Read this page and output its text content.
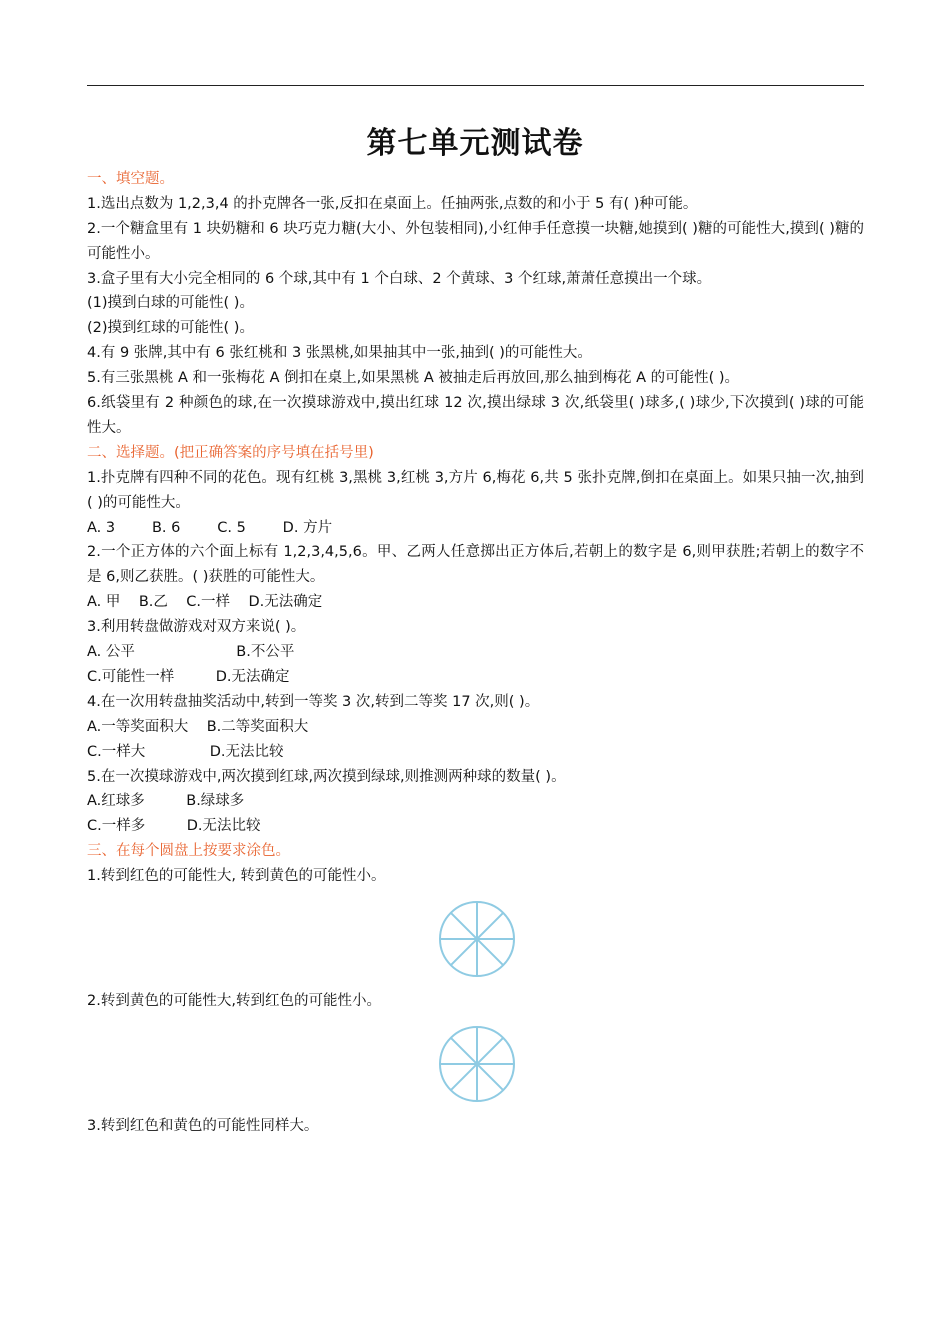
第七单元测试卷
一、填空题。
1.选出点数为 1,2,3,4 的扑克牌各一张,反扣在桌面上。任抽两张,点数的和小于 5 有( )种可能。
2.一个糖盒里有 1 块奶糖和 6 块巧克力糖(大小、外包装相同),小红伸手任意摸一块糖,她摸到( )糖的可能性大,摸到( )糖的可能性小。
3.盒子里有大小完全相同的 6 个球,其中有 1 个白球、2 个黄球、3 个红球,萧萧任意摸出一个球。
(1)摸到白球的可能性( )。
(2)摸到红球的可能性( )。
4.有 9 张牌,其中有 6 张红桃和 3 张黑桃,如果抽其中一张,抽到( )的可能性大。
5.有三张黑桃 A 和一张梅花 A 倒扣在桌上,如果黑桃 A 被抽走后再放回,那么抽到梅花 A 的可能性( )。
6.纸袋里有 2 种颜色的球,在一次摸球游戏中,摸出红球 12 次,摸出绿球 3 次,纸袋里( )球多,( )球少,下次摸到( )球的可能性大。
二、选择题。(把正确答案的序号填在括号里)
1.扑克牌有四种不同的花色。现有红桃 3,黑桃 3,红桃 3,方片 6,梅花 6,共 5 张扑克牌,倒扣在桌面上。如果只抽一次,抽到( )的可能性大。
A. 3        B. 6        C. 5        D. 方片
2.一个正方体的六个面上标有 1,2,3,4,5,6。甲、乙两人任意掷出正方体后,若朝上的数字是 6,则甲获胜;若朝上的数字不是 6,则乙获胜。( )获胜的可能性大。
A. 甲    B.乙    C.一样    D.无法确定
3.利用转盘做游戏对双方来说( )。
A. 公平                      B.不公平
C.可能性一样         D.无法确定
4.在一次用转盘抽奖活动中,转到一等奖 3 次,转到二等奖 17 次,则( )。
A.一等奖面积大    B.二等奖面积大
C.一样大              D.无法比较
5.在一次摸球游戏中,两次摸到红球,两次摸到绿球,则推测两种球的数量( )。
A.红球多         B.绿球多
C.一样多         D.无法比较
三、在每个圆盘上按要求涂色。
1.转到红色的可能性大, 转到黄色的可能性小。
2.转到黄色的可能性大,转到红色的可能性小。
3.转到红色和黄色的可能性同样大。
